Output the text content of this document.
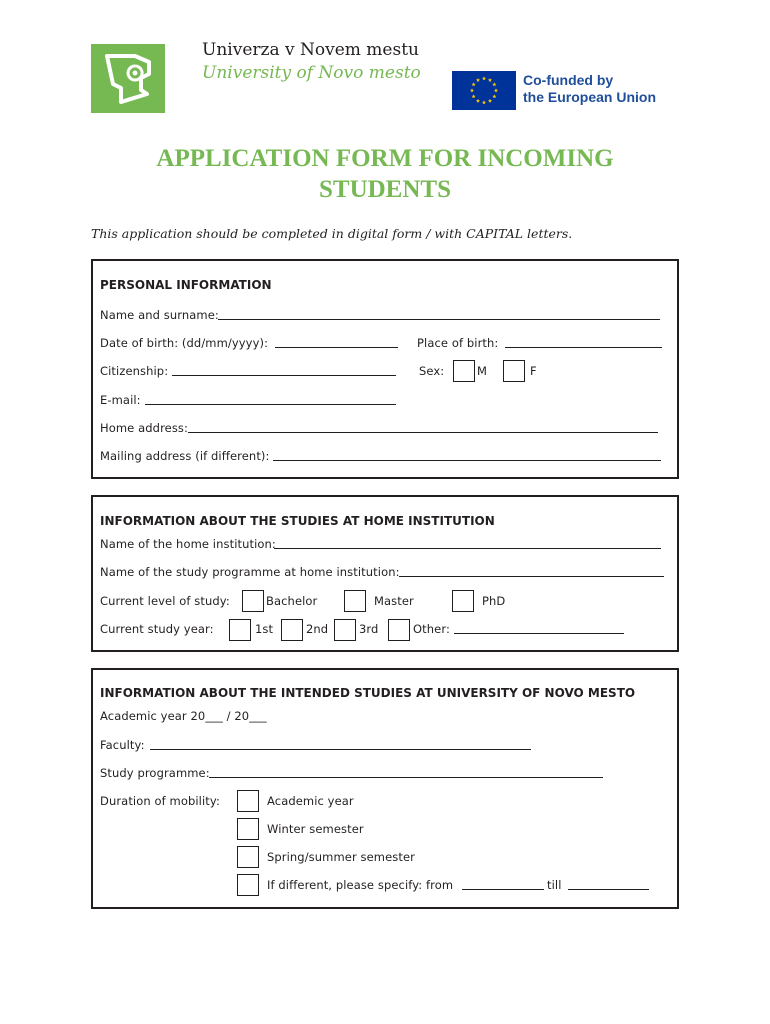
Univerza v Novem mestu
University of Novo mesto	Co-funded by
the European Union
APPLICATION FORM FOR INCOMING
STUDENTS
This application should be completed in digital form / with CAPITAL letters.
PERSONAL INFORMATION
Name and surname:
Date of birth: (dd/mm/yyyy):	Place of birth:
Citizenship:	Sex:	M	F
E-mail:
Home address:
Mailing address (if different):
INFORMATION ABOUT THE STUDIES AT HOME INSTITUTION
Name of the home institution:
Name of the study programme at home institution:
Current level of study:	Bachelor	Master	PhD
Current study year:	1st	2nd	3rd	Other:
INFORMATION ABOUT THE INTENDED STUDIES AT UNIVERSITY OF NOVO MESTO
Academic year 20___ / 20___
Faculty:
Study programme:
Duration of mobility:	Academic year
Winter semester
Spring/summer semester
If different, please specify: from	till
